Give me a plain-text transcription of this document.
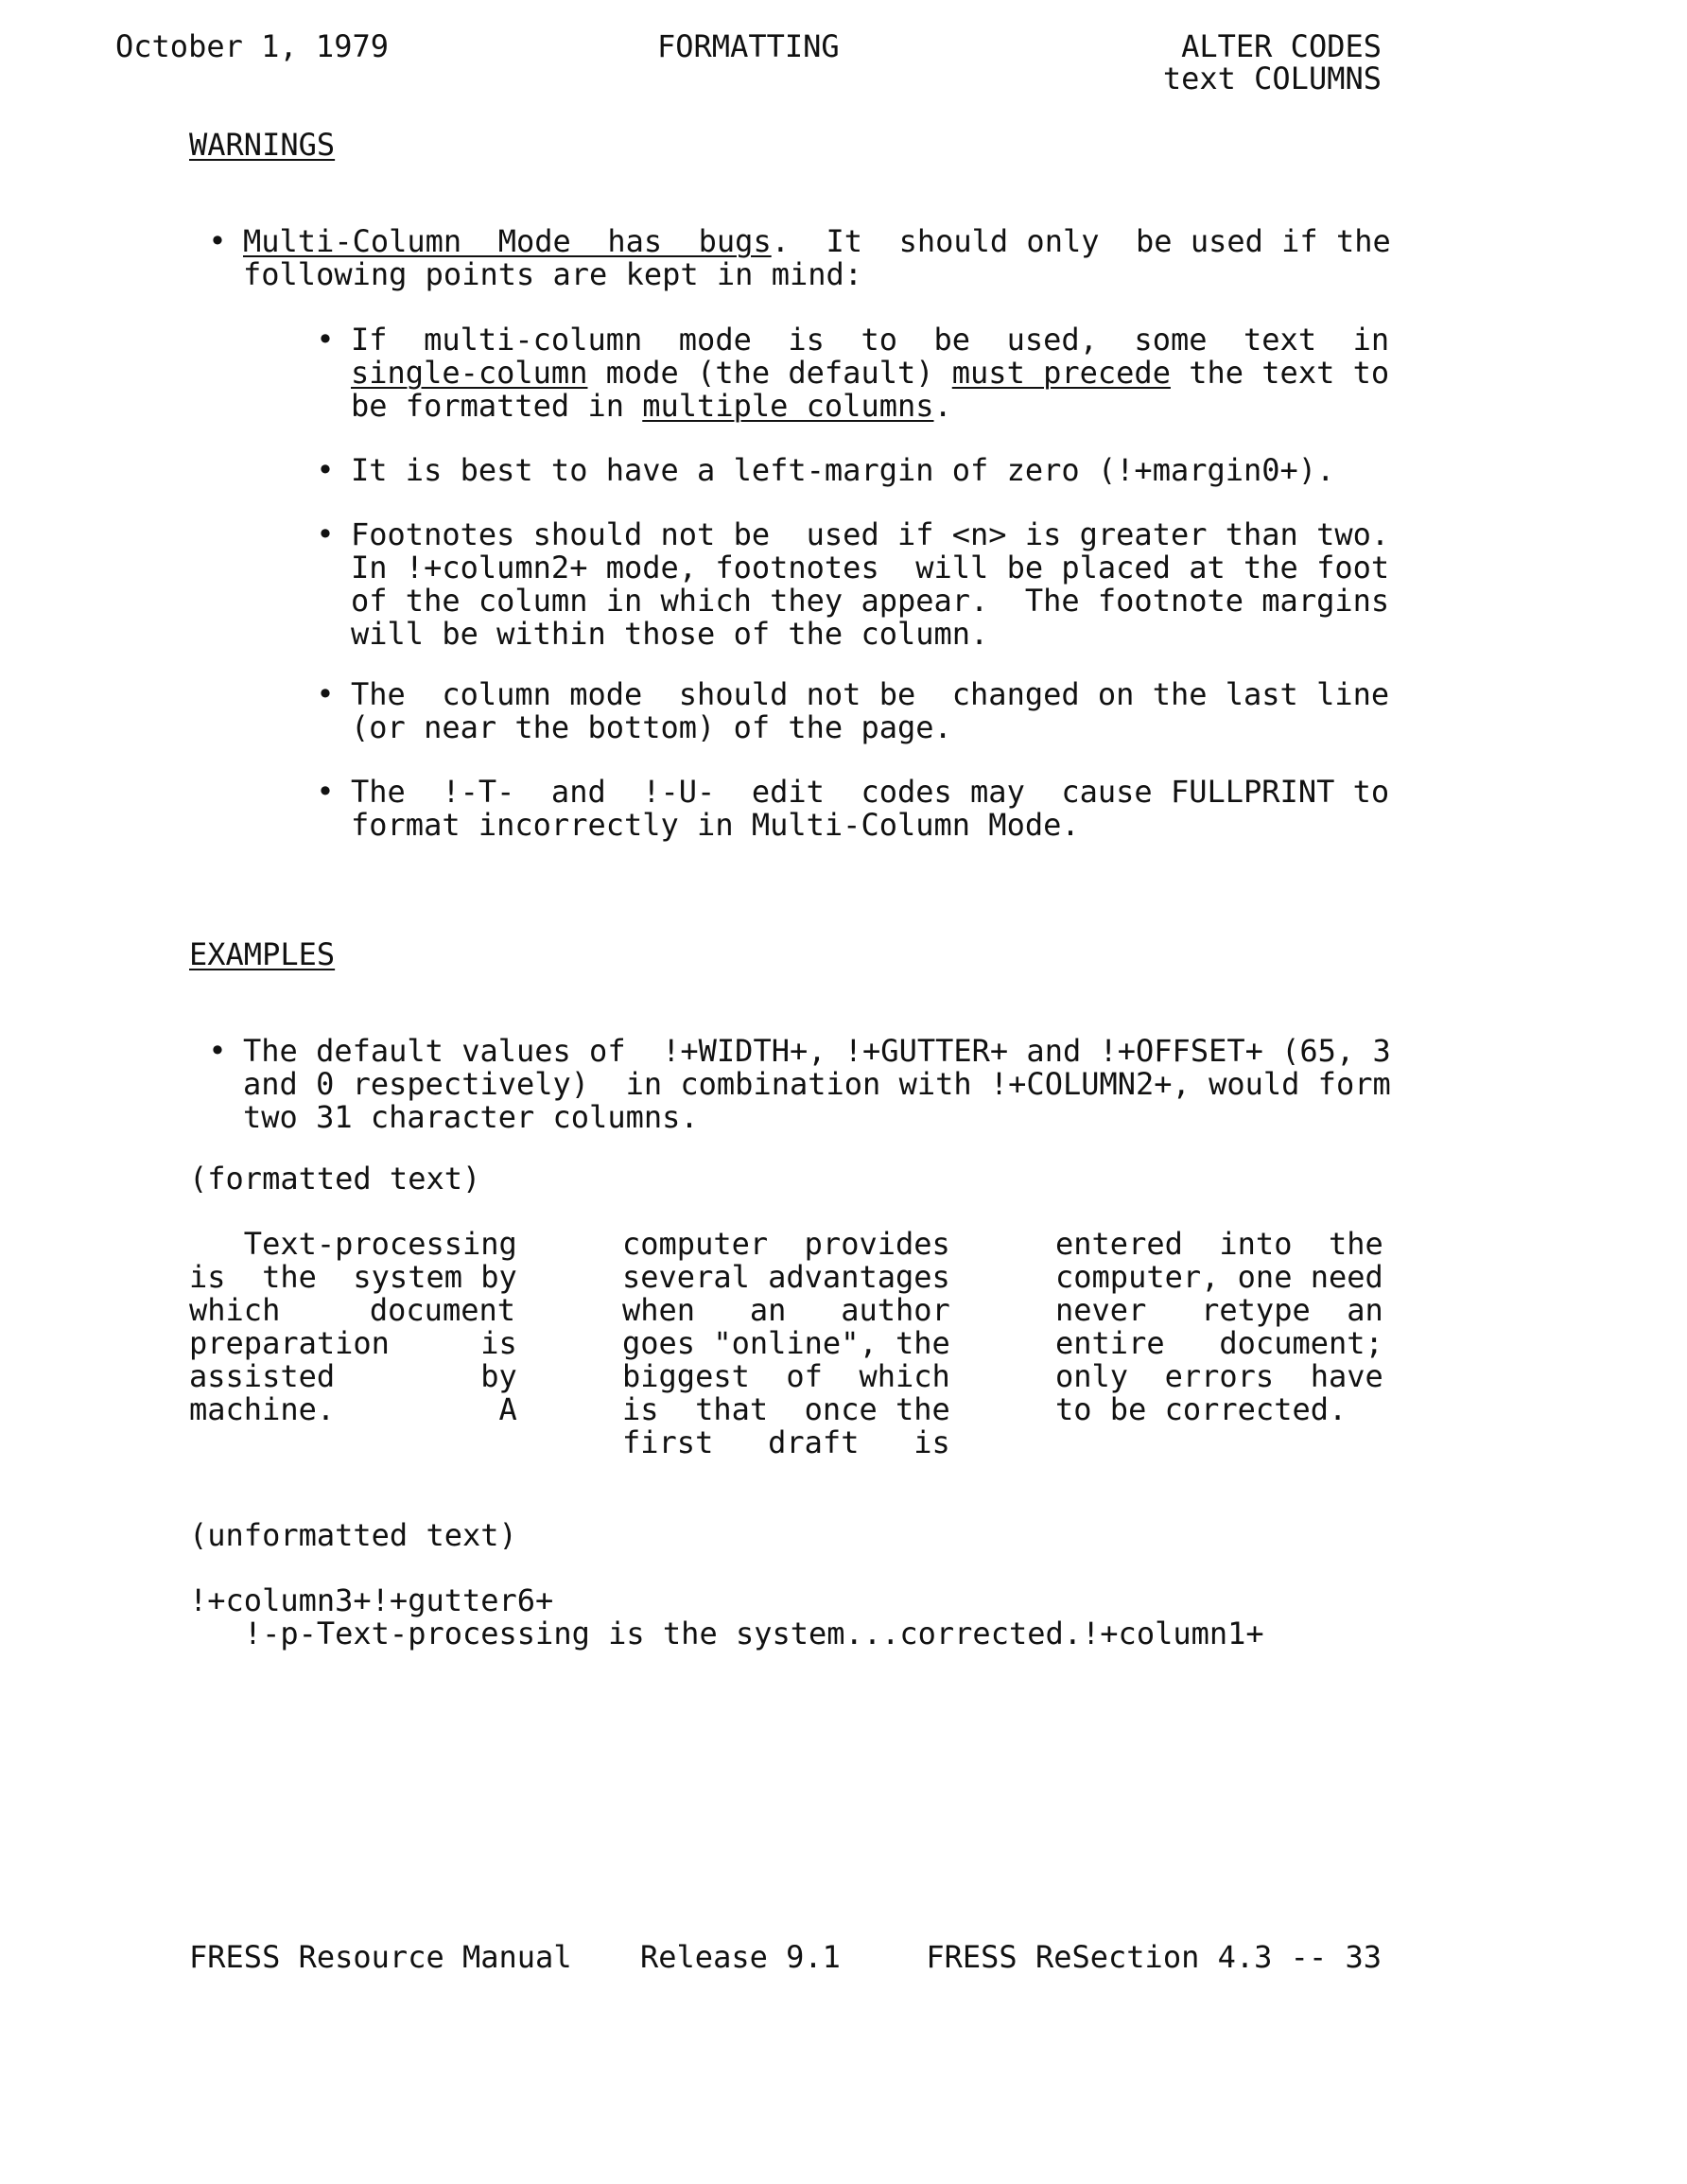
October 1, 1979	FORMATTING	ALTER CODES
text COLUMNS
WARNINGS
• Multi-Column  Mode  has  bugs.  It  should only  be used if the
following points are kept in mind:
• If  multi-column  mode  is  to  be  used,  some  text  in
single-column mode (the default) must precede the text to
be formatted in multiple columns.
• It is best to have a left-margin of zero (!+margin0+).
• Footnotes should not be  used if <n> is greater than two.
In !+column2+ mode, footnotes  will be placed at the foot
of the column in which they appear.  The footnote margins
will be within those of the column.
• The  column mode  should not be  changed on the last line
(or near the bottom) of the page.
• The  !-T-  and  !-U-  edit  codes may  cause FULLPRINT to
format incorrectly in Multi-Column Mode.
EXAMPLES
• The default values of  !+WIDTH+, !+GUTTER+ and !+OFFSET+ (65, 3
and 0 respectively)  in combination with !+COLUMN2+, would form
two 31 character columns.
(formatted text)
Text-processing
is  the  system by
which    document
preparation     is
assisted        by
machine.         A
computer  provides
several advantages
when   an   author
goes "online", the
biggest  of  which
is  that  once the
first   draft   is
entered  into  the
computer, one need
never   retype  an
entire   document;
only  errors  have
to be corrected.
(unformatted text)
!+column3+!+gutter6+
!-p-Text-processing is the system...corrected.!+column1+
FRESS Resource Manual Release 9.1	FRESS ReSection 4.3 -- 33
